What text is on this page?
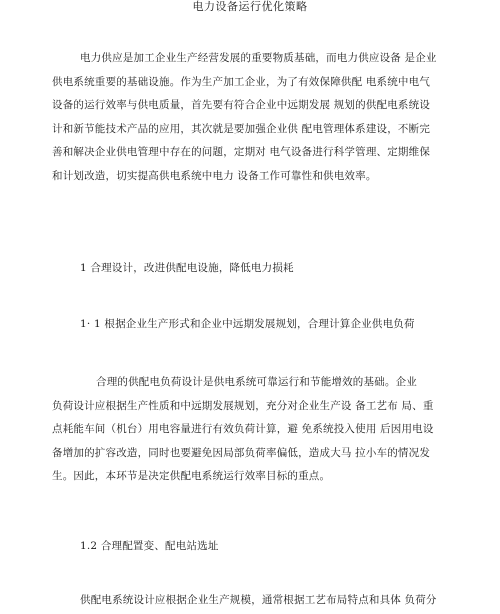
电力设备运行优化策略
电力供应是加工企业生产经营发展的重要物质基础，而电力供应设备 是企业
供电系统重要的基础设施。作为生产加工企业，为了有效保障供配 电系统中电气
设备的运行效率与供电质量，首先要有符合企业中远期发展 规划的供配电系统设
计和新节能技术产品的应用，其次就是要加强企业供 配电管理体系建设，不断完
善和解决企业供电管理中存在的问题，定期对 电气设备进行科学管理、定期维保
和计划改造，切实提高供电系统中电力 设备工作可靠性和供电效率。
1 合理设计，改进供配电设施，降低电力损耗
1· 1 根据企业生产形式和企业中远期发展规划，合理计算企业供电负荷
合理的供配电负荷设计是供电系统可靠运行和节能增效的基础。企业
负荷设计应根据生产性质和中远期发展规划，充分对企业生产设 备工艺布 局、重
点耗能车间（机台）用电容量进行有效负荷计算，避 免系统投入使用 后因用电设
备增加的扩容改造，同时也要避免因局部负荷率偏低，造成大马 拉小车的情况发
生。因此，本环节是决定供配电系统运行效率目标的重点。
1.2 合理配置变、配电站选址
供配电系统设计应根据企业生产规模，通常根据工艺布局特点和具体 负荷分
